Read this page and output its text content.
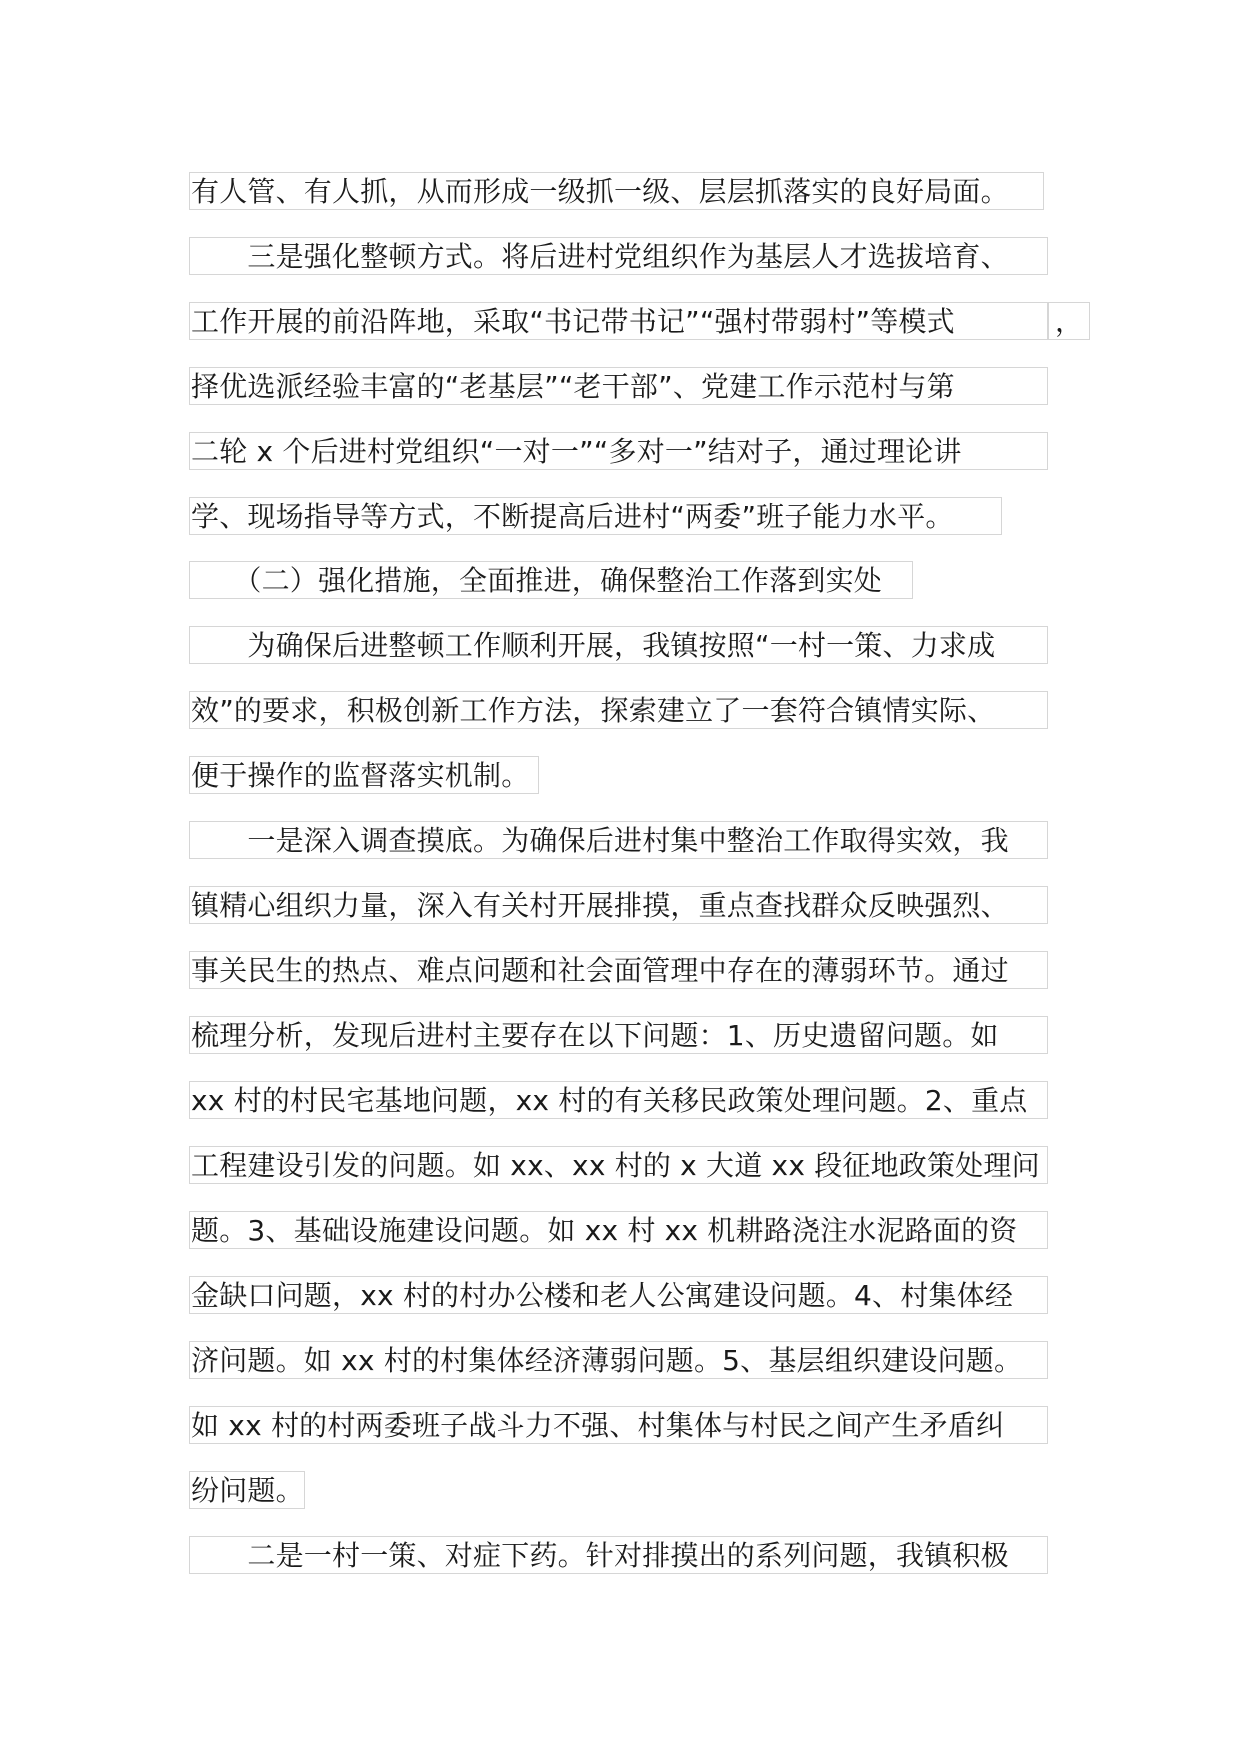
有人管、有人抓，从而形成一级抓一级、层层抓落实的良好局面。
　　三是强化整顿方式。将后进村党组织作为基层人才选拔培育、
工作开展的前沿阵地，采取“书记带书记”“强村带弱村”等模式	，
择优选派经验丰富的“老基层”“老干部”、党建工作示范村与第
二轮 x 个后进村党组织“一对一”“多对一”结对子，通过理论讲
学、现场指导等方式，不断提高后进村“两委”班子能力水平。
　　（二）强化措施，全面推进，确保整治工作落到实处
　　为确保后进整顿工作顺利开展，我镇按照“一村一策、力求成
效”的要求，积极创新工作方法，探索建立了一套符合镇情实际、
便于操作的监督落实机制。
　　一是深入调查摸底。为确保后进村集中整治工作取得实效，我
镇精心组织力量，深入有关村开展排摸，重点查找群众反映强烈、
事关民生的热点、难点问题和社会面管理中存在的薄弱环节。通过
梳理分析，发现后进村主要存在以下问题：1、历史遗留问题。如
xx 村的村民宅基地问题，xx 村的有关移民政策处理问题。2、重点
工程建设引发的问题。如 xx、xx 村的 x 大道 xx 段征地政策处理问
题。3、基础设施建设问题。如 xx 村 xx 机耕路浇注水泥路面的资
金缺口问题，xx 村的村办公楼和老人公寓建设问题。4、村集体经
济问题。如 xx 村的村集体经济薄弱问题。5、基层组织建设问题。
如 xx 村的村两委班子战斗力不强、村集体与村民之间产生矛盾纠
纷问题。
　　二是一村一策、对症下药。针对排摸出的系列问题，我镇积极
